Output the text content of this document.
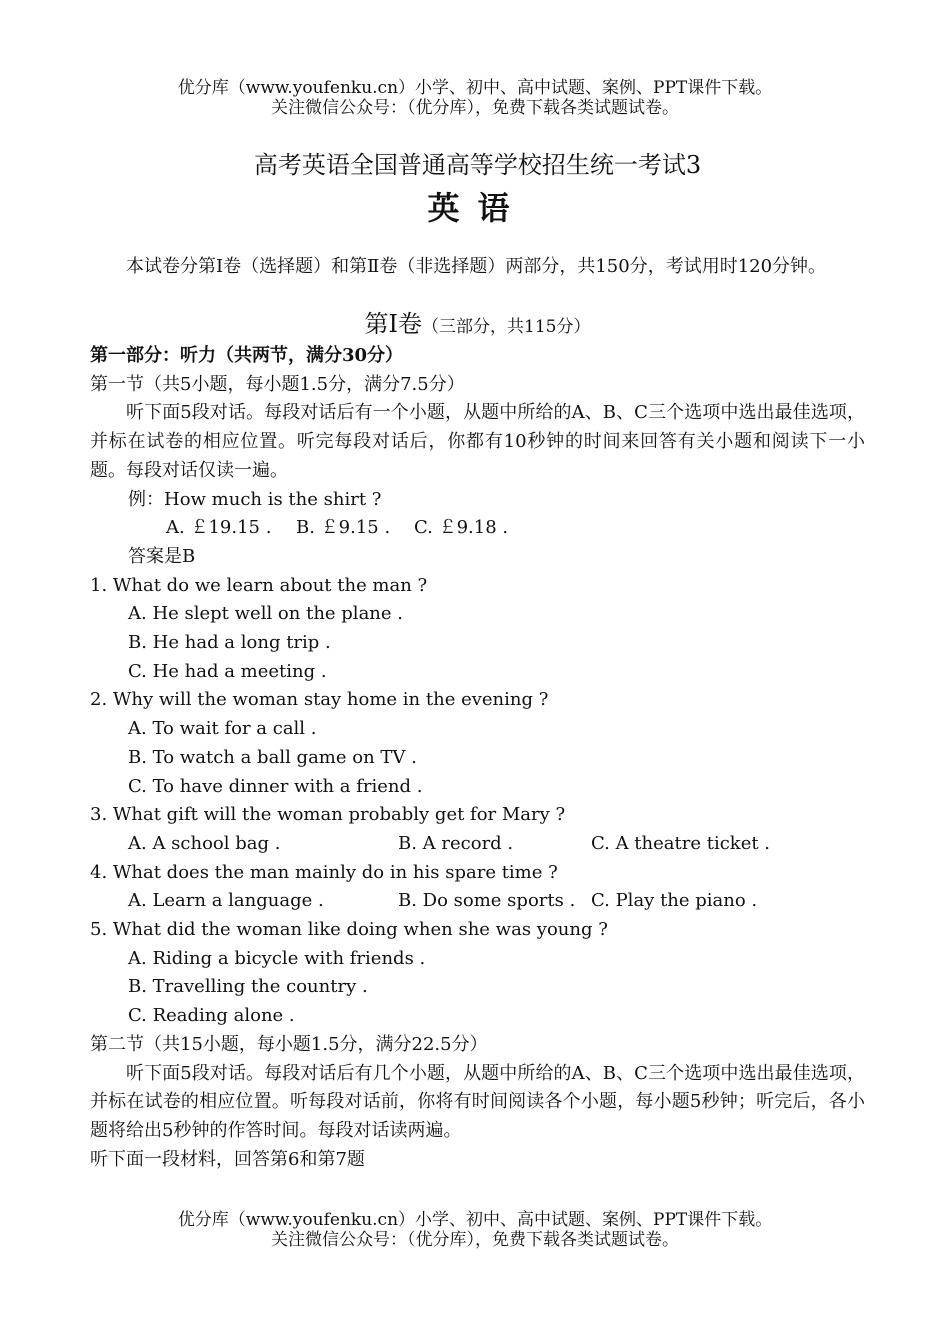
优分库（www.youfenku.cn）小学、初中、高中试题、案例、PPT课件下载。
关注微信公众号：（优分库），免费下载各类试题试卷。
高考英语全国普通高等学校招生统一考试3
英语
本试卷分第Ⅰ卷（选择题）和第Ⅱ卷（非选择题）两部分，共150分，考试用时120分钟。
第Ⅰ卷（三部分，共115分）
第一部分：听力（共两节，满分30分）
第一节（共5小题，每小题1.5分，满分7.5分）
听下面5段对话。每段对话后有一个小题，从题中所给的A、B、C三个选项中选出最佳选项，并标在试卷的相应位置。听完每段对话后，你都有10秒钟的时间来回答有关小题和阅读下一小题。每段对话仅读一遍。
例：How much is the shirt ?
A. ￡19.15 . B. ￡9.15 . C. ￡9.18 .
答案是B
1. What do we learn about the man ?
A. He slept well on the plane .
B. He had a long trip .
C. He had a meeting .
2. Why will the woman stay home in the evening ?
A. To wait for a call .
B. To watch a ball game on TV .
C. To have dinner with a friend .
3. What gift will the woman probably get for Mary ?
A. A school bag .	B. A record .	C. A theatre ticket .
4. What does the man mainly do in his spare time ?
A. Learn a language .	B. Do some sports . C. Play the piano .
5. What did the woman like doing when she was young ?
A. Riding a bicycle with friends .
B. Travelling the country .
C. Reading alone .
第二节（共15小题，每小题1.5分，满分22.5分）
听下面5段对话。每段对话后有几个小题，从题中所给的A、B、C三个选项中选出最佳选项，并标在试卷的相应位置。听每段对话前，你将有时间阅读各个小题，每小题5秒钟；听完后，各小题将给出5秒钟的作答时间。每段对话读两遍。
听下面一段材料，回答第6和第7题
优分库（www.youfenku.cn）小学、初中、高中试题、案例、PPT课件下载。
关注微信公众号：（优分库），免费下载各类试题试卷。
